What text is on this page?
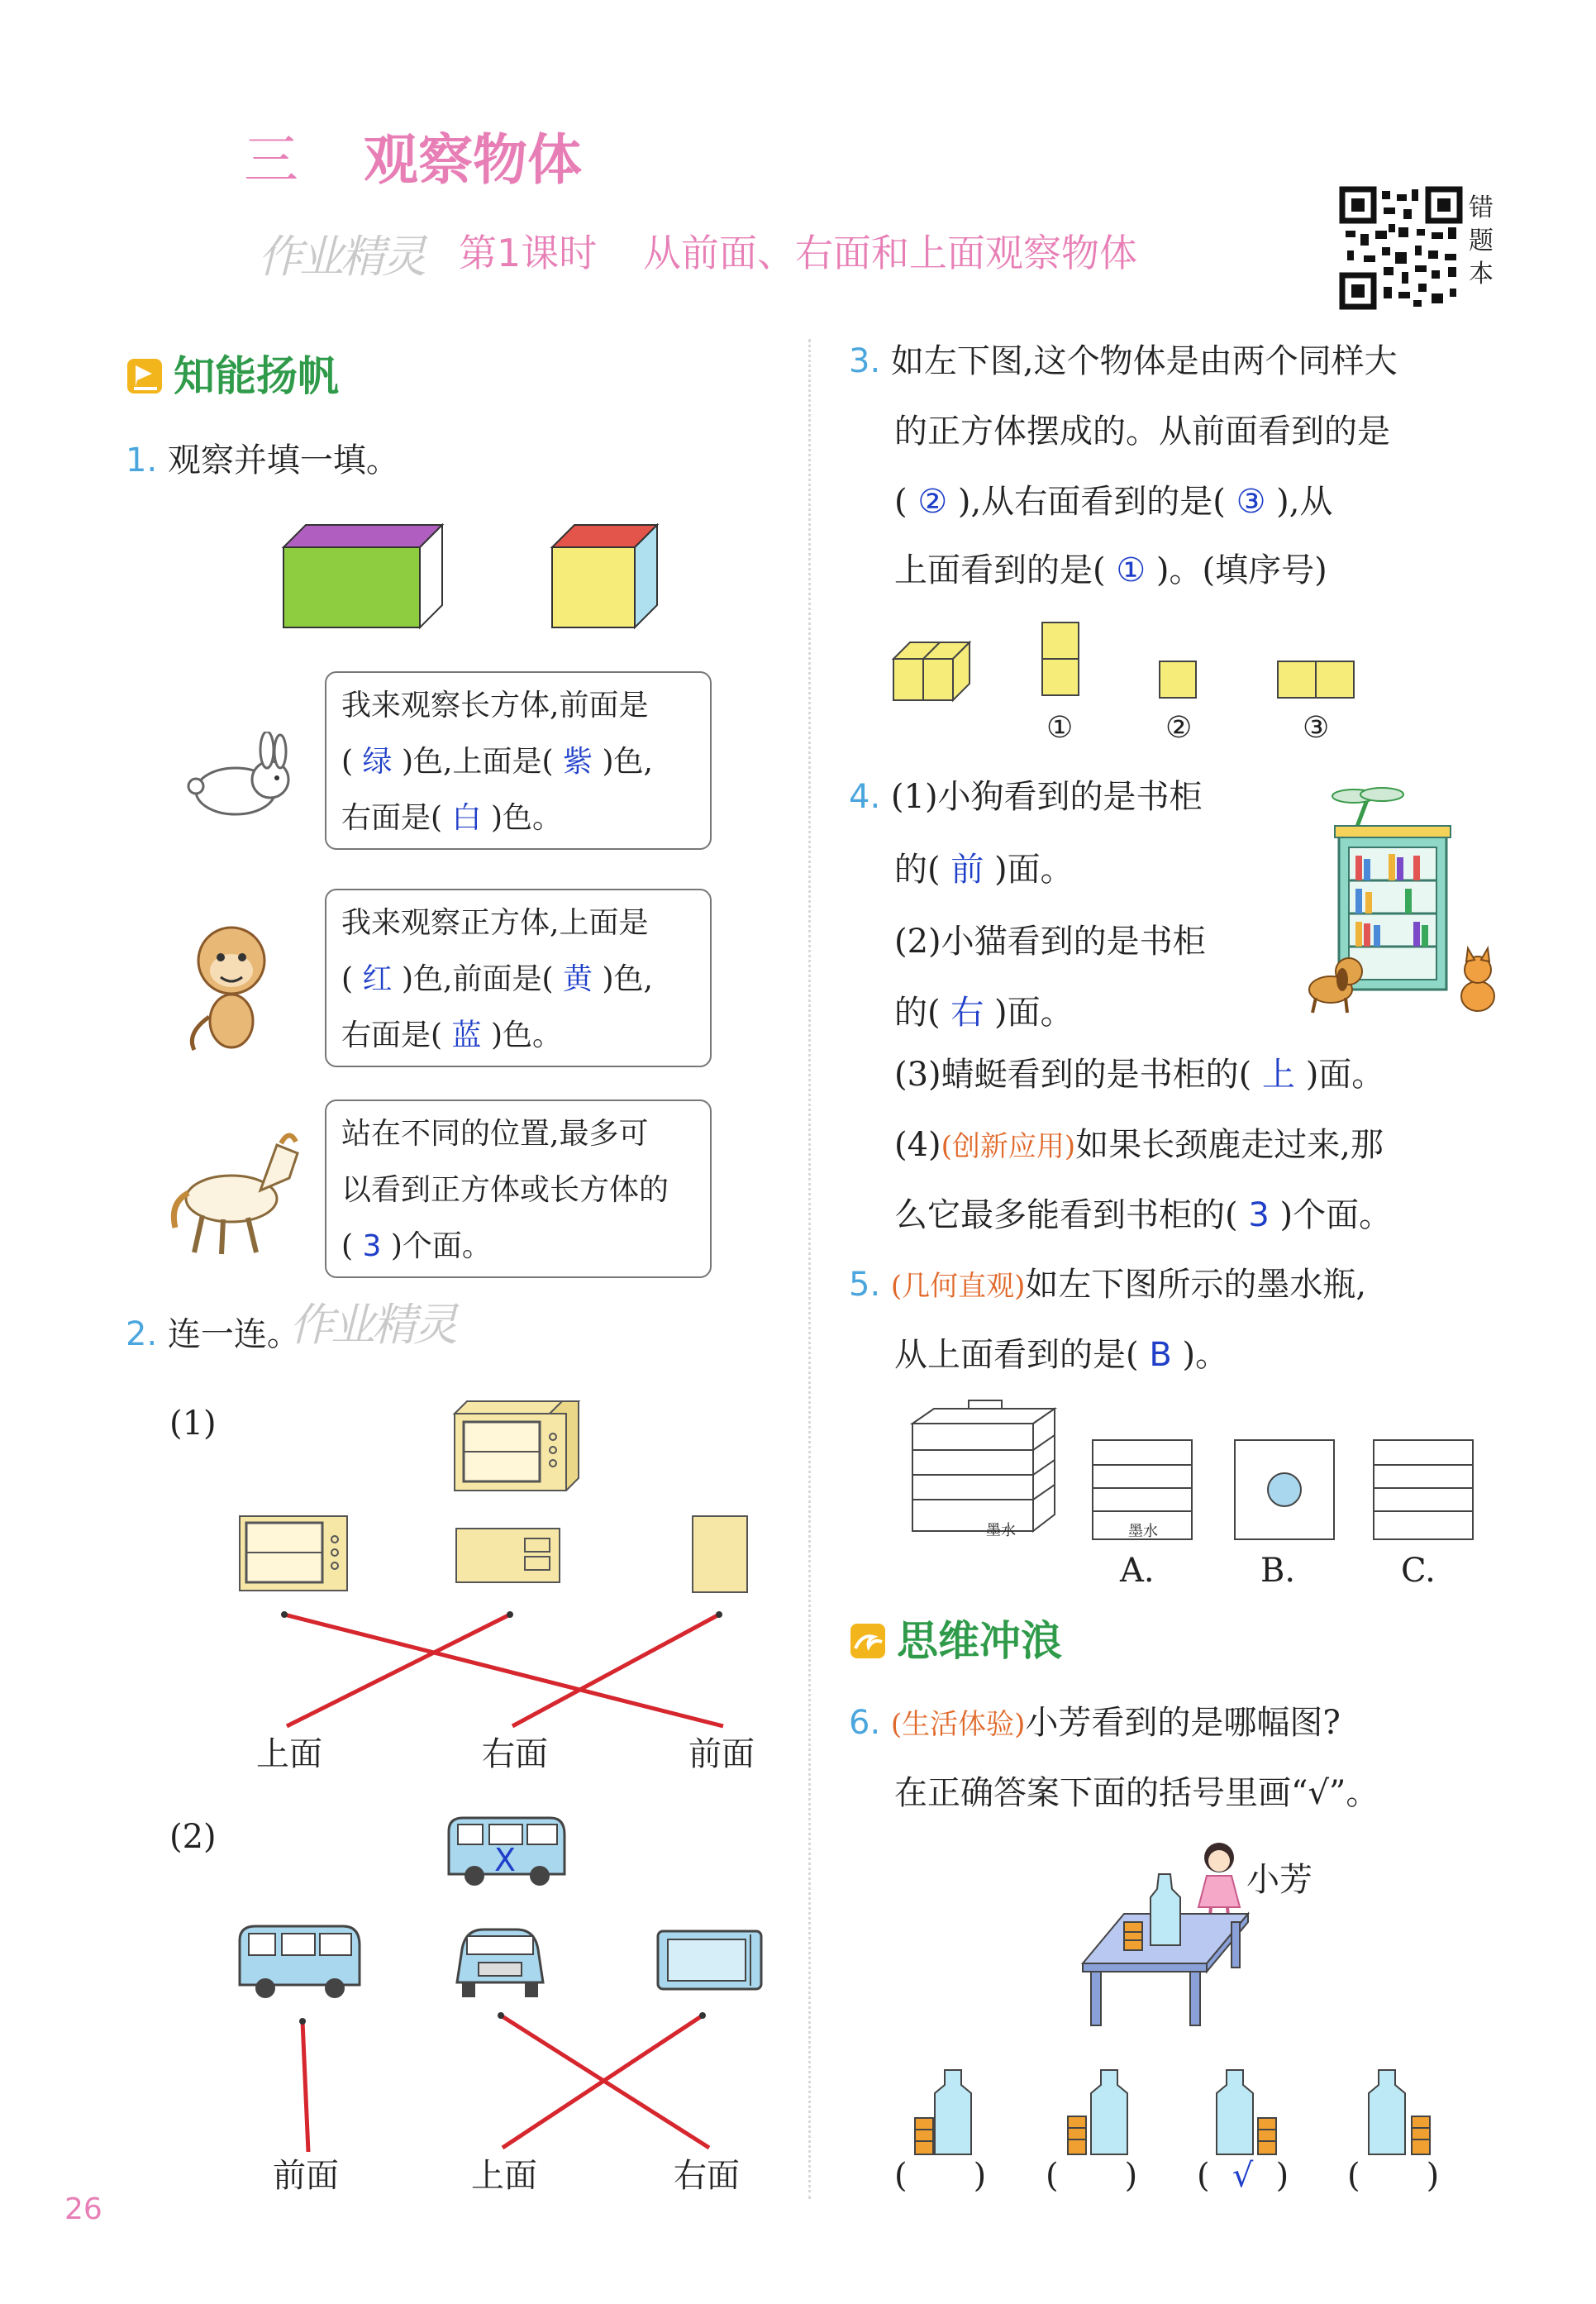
三 观察物体
作业精灵 第1课时 从前面、右面和上面观察物体
错题本
知能扬帆
1. 观察并填一填。
我来观察长方体,前面是
( 绿 )色,上面是( 紫 )色,
右面是( 白 )色。
我来观察正方体,上面是
( 红 )色,前面是( 黄 )色,
右面是( 蓝 )色。
站在不同的位置,最多可
以看到正方体或长方体的
( 3 )个面。
2. 连一连。
作业精灵
(1)
上面	右面	前面
(2)
X
前面	上面	右面
26
3. 如左下图,这个物体是由两个同样大
的正方体摆成的。从前面看到的是
( ② ),从右面看到的是( ③ ),从
上面看到的是( ① )。(填序号)
①	②	③
4. (1)小狗看到的是书柜
的( 前 )面。
(2)小猫看到的是书柜
的( 右 )面。
(3)蜻蜓看到的是书柜的( 上 )面。
(4)(创新应用)如果长颈鹿走过来,那
么它最多能看到书柜的( 3 )个面。
5. (几何直观)如左下图所示的墨水瓶,
从上面看到的是( B )。
墨水	墨水
A.	B.	C.
思维冲浪
6. (生活体验)小芳看到的是哪幅图?
在正确答案下面的括号里画“√”。
小芳
( ) ( ) ( √ ) ( )
